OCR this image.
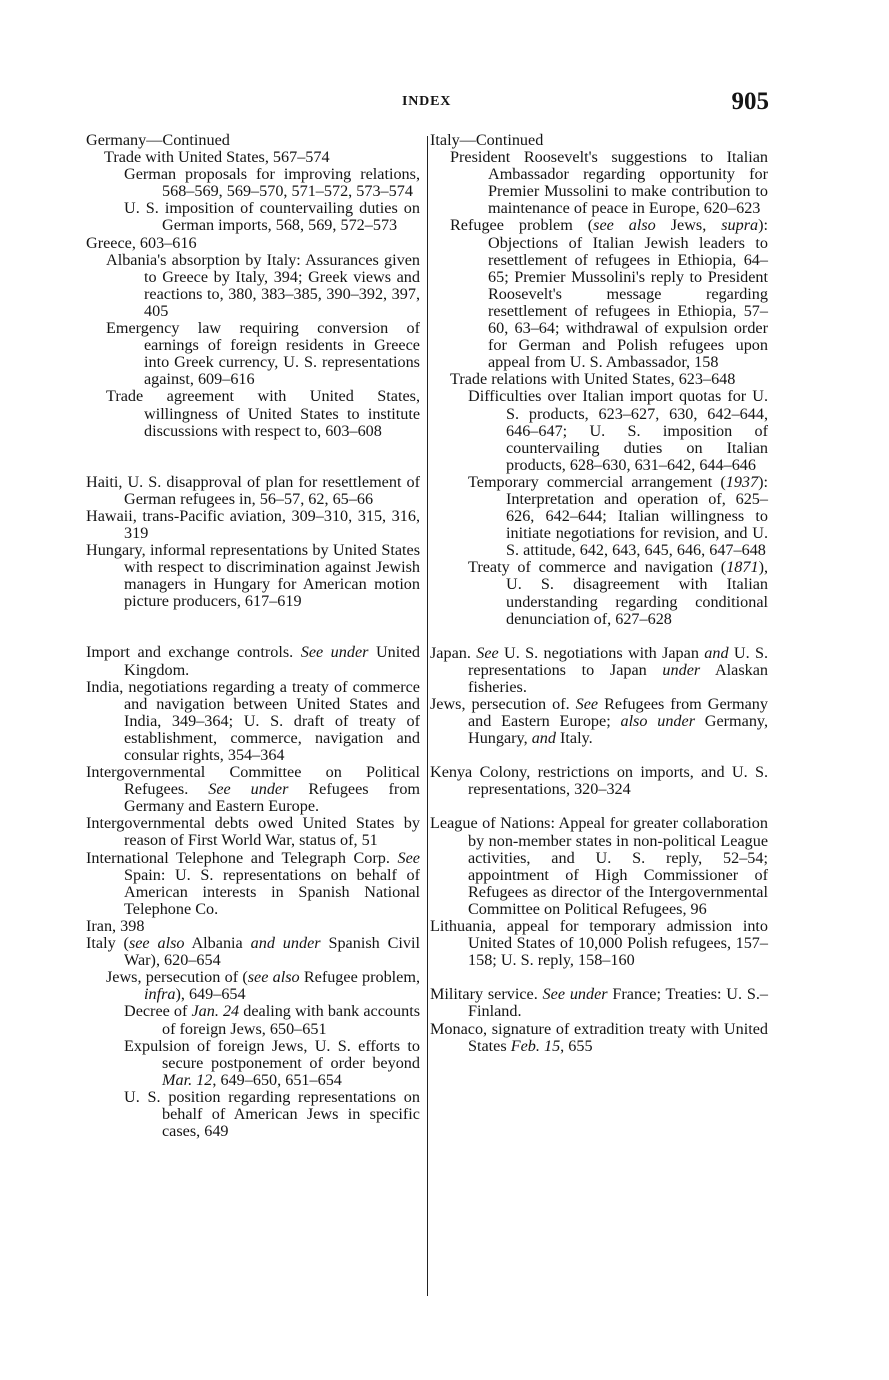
INDEX	905
Germany—Continued
Trade with United States, 567–574
German proposals for improving relations, 568–569, 569–570, 571–572, 573–574
U. S. imposition of countervailing duties on German imports, 568, 569, 572–573
Greece, 603–616
Albania's absorption by Italy: Assurances given to Greece by Italy, 394; Greek views and reactions to, 380, 383–385, 390–392, 397, 405
Emergency law requiring conversion of earnings of foreign residents in Greece into Greek currency, U. S. representations against, 609–616
Trade agreement with United States, willingness of United States to institute discussions with respect to, 603–608
Haiti, U. S. disapproval of plan for resettlement of German refugees in, 56–57, 62, 65–66
Hawaii, trans-Pacific aviation, 309–310, 315, 316, 319
Hungary, informal representations by United States with respect to discrimination against Jewish managers in Hungary for American motion picture producers, 617–619
Import and exchange controls. See under United Kingdom.
India, negotiations regarding a treaty of commerce and navigation between United States and India, 349–364; U. S. draft of treaty of establishment, commerce, navigation and consular rights, 354–364
Intergovernmental Committee on Political Refugees. See under Refugees from Germany and Eastern Europe.
Intergovernmental debts owed United States by reason of First World War, status of, 51
International Telephone and Telegraph Corp. See Spain: U. S. representations on behalf of American interests in Spanish National Telephone Co.
Iran, 398
Italy (see also Albania and under Spanish Civil War), 620–654
Jews, persecution of (see also Refugee problem, infra), 649–654
Decree of Jan. 24 dealing with bank accounts of foreign Jews, 650–651
Expulsion of foreign Jews, U. S. efforts to secure postponement of order beyond Mar. 12, 649–650, 651–654
U. S. position regarding representations on behalf of American Jews in specific cases, 649
Italy—Continued
President Roosevelt's suggestions to Italian Ambassador regarding opportunity for Premier Mussolini to make contribution to maintenance of peace in Europe, 620–623
Refugee problem (see also Jews, supra): Objections of Italian Jewish leaders to resettlement of refugees in Ethiopia, 64–65; Premier Mussolini's reply to President Roosevelt's message regarding resettlement of refugees in Ethiopia, 57–60, 63–64; withdrawal of expulsion order for German and Polish refugees upon appeal from U. S. Ambassador, 158
Trade relations with United States, 623–648
Difficulties over Italian import quotas for U. S. products, 623–627, 630, 642–644, 646–647; U. S. imposition of countervailing duties on Italian products, 628–630, 631–642, 644–646
Temporary commercial arrangement (1937): Interpretation and operation of, 625–626, 642–644; Italian willingness to initiate negotiations for revision, and U. S. attitude, 642, 643, 645, 646, 647–648
Treaty of commerce and navigation (1871), U. S. disagreement with Italian understanding regarding conditional denunciation of, 627–628
Japan. See U. S. negotiations with Japan and U. S. representations to Japan under Alaskan fisheries.
Jews, persecution of. See Refugees from Germany and Eastern Europe; also under Germany, Hungary, and Italy.
Kenya Colony, restrictions on imports, and U. S. representations, 320–324
League of Nations: Appeal for greater collaboration by non-member states in non-political League activities, and U. S. reply, 52–54; appointment of High Commissioner of Refugees as director of the Intergovernmental Committee on Political Refugees, 96
Lithuania, appeal for temporary admission into United States of 10,000 Polish refugees, 157–158; U. S. reply, 158–160
Military service. See under France; Treaties: U. S.–Finland.
Monaco, signature of extradition treaty with United States Feb. 15, 655
